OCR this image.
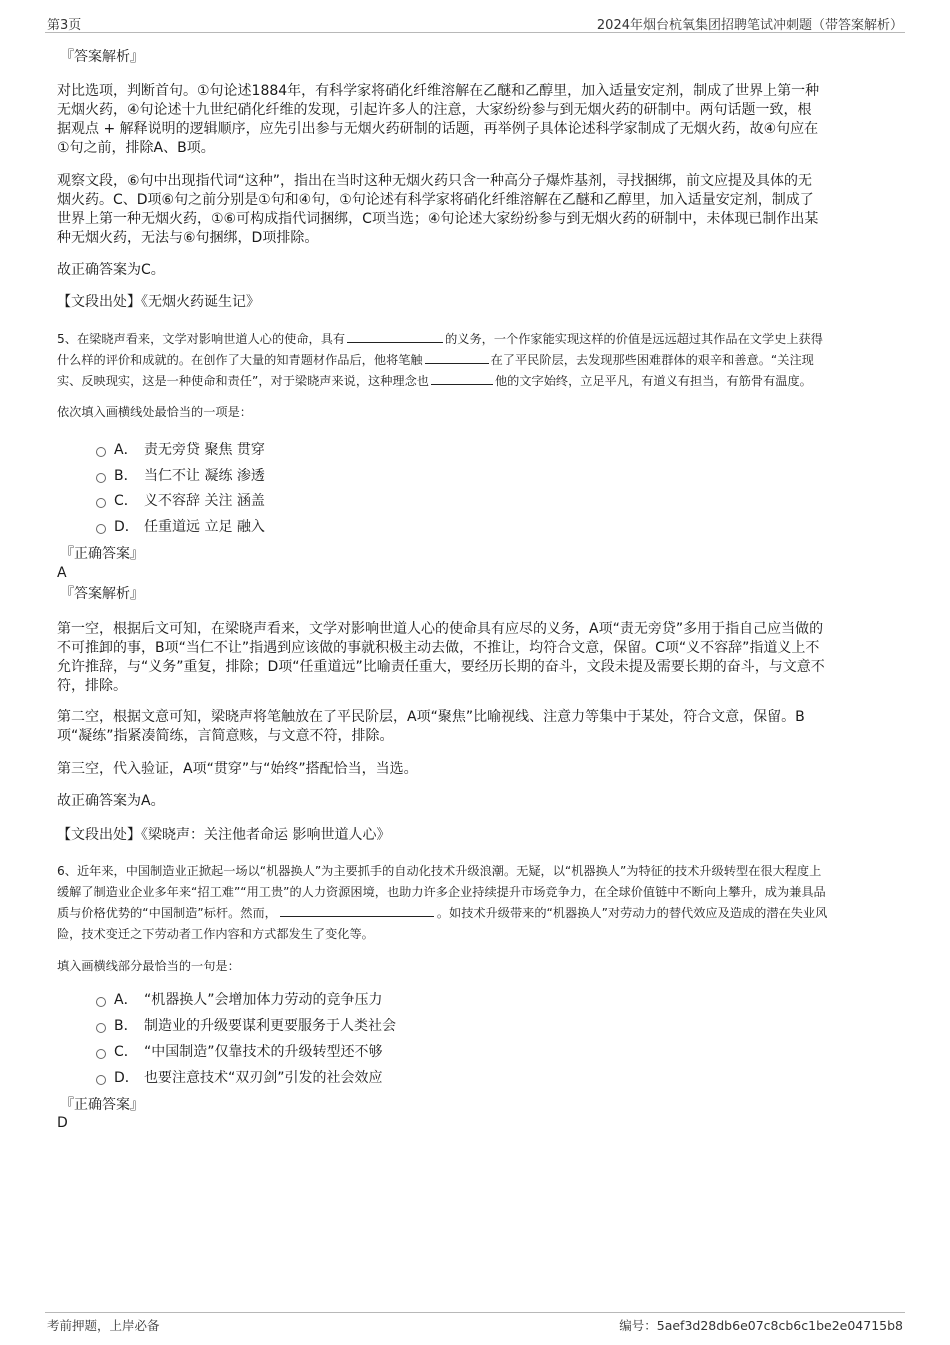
第3页	2024年烟台杭氧集团招聘笔试冲刺题（带答案解析）
『答案解析』
对比选项，判断首句。①句论述1884年，有科学家将硝化纤维溶解在乙醚和乙醇里，加入适量安定剂，制成了世界上第一种
无烟火药，④句论述十九世纪硝化纤维的发现，引起许多人的注意，大家纷纷参与到无烟火药的研制中。两句话题一致，根
据观点 + 解释说明的逻辑顺序，应先引出参与无烟火药研制的话题，再举例子具体论述科学家制成了无烟火药，故④句应在
①句之前，排除A、B项。
观察文段，⑥句中出现指代词“这种”，指出在当时这种无烟火药只含一种高分子爆炸基剂，寻找捆绑，前文应提及具体的无
烟火药。C、D项⑥句之前分别是①句和④句，①句论述有科学家将硝化纤维溶解在乙醚和乙醇里，加入适量安定剂，制成了
世界上第一种无烟火药，①⑥可构成指代词捆绑，C项当选；④句论述大家纷纷参与到无烟火药的研制中，未体现已制作出某
种无烟火药，无法与⑥句捆绑，D项排除。
故正确答案为C。
【文段出处】《无烟火药诞生记》
5、在梁晓声看来，文学对影响世道人心的使命，具有	的义务，一个作家能实现这样的价值是远远超过其作品在文学史上获得
什么样的评价和成就的。在创作了大量的知青题材作品后，他将笔触	在了平民阶层，去发现那些困难群体的艰辛和善意。“关注现
实、反映现实，这是一种使命和责任”，对于梁晓声来说，这种理念也	他的文字始终，立足平凡，有道义有担当，有筋骨有温度。
依次填入画横线处最恰当的一项是：
A． 责无旁贷 聚焦 贯穿
B． 当仁不让 凝练 渗透
C． 义不容辞 关注 涵盖
D． 任重道远 立足 融入
『正确答案』
A
『答案解析』
第一空，根据后文可知，在梁晓声看来，文学对影响世道人心的使命具有应尽的义务，A项“责无旁贷”多用于指自己应当做的
不可推卸的事，B项“当仁不让”指遇到应该做的事就积极主动去做，不推让，均符合文意，保留。C项“义不容辞”指道义上不
允许推辞，与“义务”重复，排除；D项“任重道远”比喻责任重大，要经历长期的奋斗，文段未提及需要长期的奋斗，与文意不
符，排除。
第二空，根据文意可知，梁晓声将笔触放在了平民阶层，A项“聚焦”比喻视线、注意力等集中于某处，符合文意，保留。B
项“凝练”指紧凑简练，言简意赅，与文意不符，排除。
第三空，代入验证，A项“贯穿”与“始终”搭配恰当，当选。
故正确答案为A。
【文段出处】《梁晓声：关注他者命运 影响世道人心》
6、近年来，中国制造业正掀起一场以“机器换人”为主要抓手的自动化技术升级浪潮。无疑，以“机器换人”为特征的技术升级转型在很大程度上
缓解了制造业企业多年来“招工难”“用工贵”的人力资源困境，也助力许多企业持续提升市场竞争力，在全球价值链中不断向上攀升，成为兼具品
质与价格优势的“中国制造”标杆。然而，	。如技术升级带来的“机器换人”对劳动力的替代效应及造成的潜在失业风
险，技术变迁之下劳动者工作内容和方式都发生了变化等。
填入画横线部分最恰当的一句是：
A． “机器换人”会增加体力劳动的竞争压力
B． 制造业的升级要谋利更要服务于人类社会
C． “中国制造”仅靠技术的升级转型还不够
D． 也要注意技术“双刃剑”引发的社会效应
『正确答案』
D
考前押题，上岸必备	编号：5aef3d28db6e07c8cb6c1be2e04715b8
